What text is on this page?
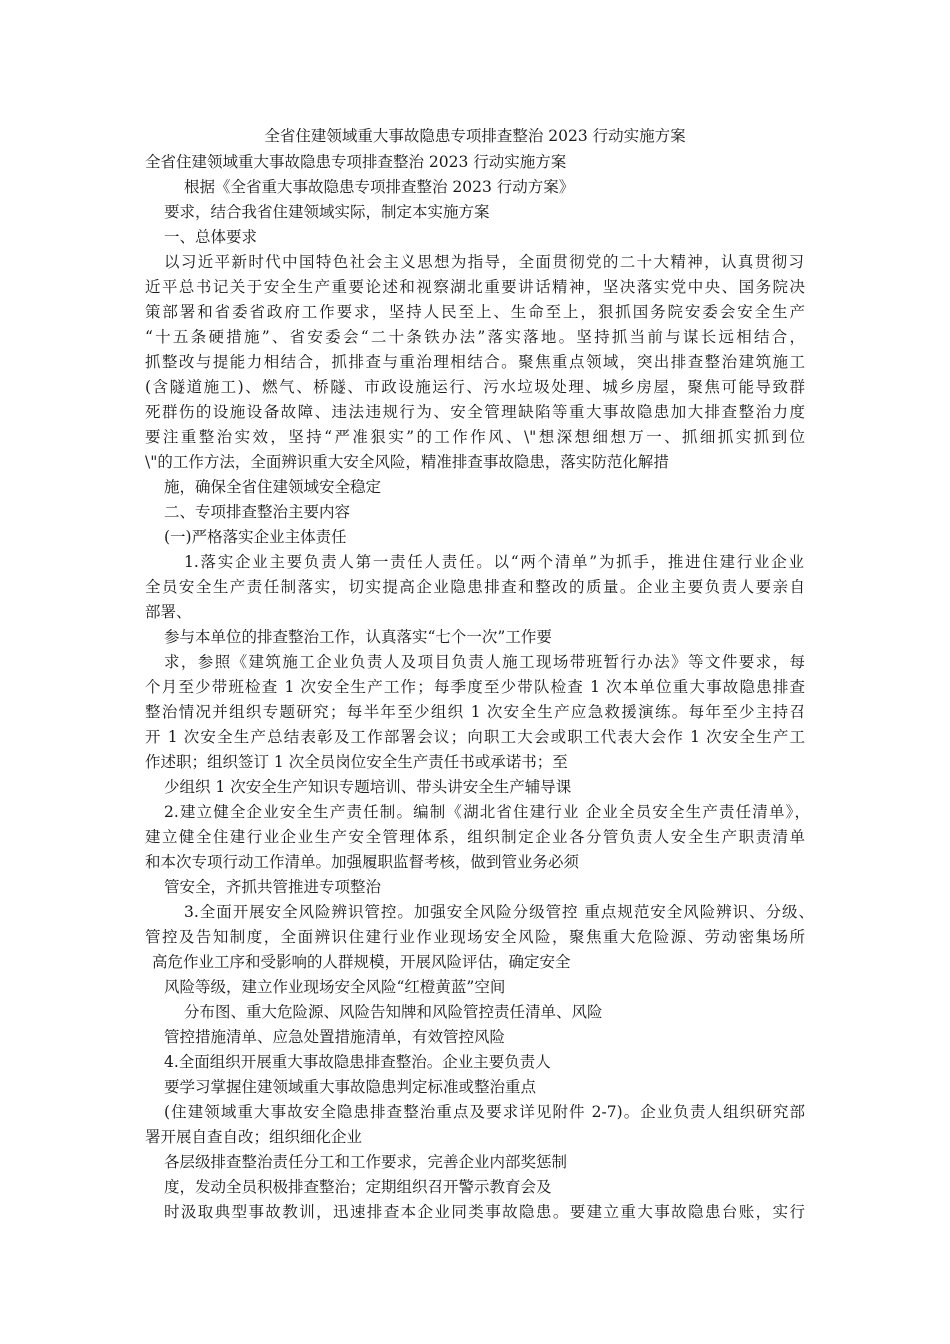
全省住建领域重大事故隐患专项排查整治 2023 行动实施方案
全省住建领域重大事故隐患专项排查整治 2023 行动实施方案
根据《全省重大事故隐患专项排查整治 2023 行动方案》
要求，结合我省住建领域实际，制定本实施方案
一、总体要求
以习近平新时代中国特色社会主义思想为指导，全面贯彻党的二十大精神，认真贯彻习
近平总书记关于安全生产重要论述和视察湖北重要讲话精神，坚决落实党中央、国务院决
策部署和省委省政府工作要求，坚持人民至上、生命至上，狠抓国务院安委会安全生产
“十五条硬措施”、省安委会“二十条铁办法”落实落地。坚持抓当前与谋长远相结合，
抓整改与提能力相结合，抓排查与重治理相结合。聚焦重点领域，突出排查整治建筑施工
(含隧道施工)、燃气、桥隧、市政设施运行、污水垃圾处理、城乡房屋，聚焦可能导致群
死群伤的设施设备故障、违法违规行为、安全管理缺陷等重大事故隐患加大排查整治力度
要注重整治实效，坚持“严准狠实”的工作作风、\"想深想细想万一、抓细抓实抓到位
\"的工作方法，全面辨识重大安全风险，精准排查事故隐患，落实防范化解措
施，确保全省住建领域安全稳定
二、专项排查整治主要内容
(一)严格落实企业主体责任
1.落实企业主要负责人第一责任人责任。以“两个清单”为抓手，推进住建行业企业
全员安全生产责任制落实，切实提高企业隐患排查和整改的质量。企业主要负责人要亲自
部署、
参与本单位的排查整治工作，认真落实“七个一次”工作要
求，参照《建筑施工企业负责人及项目负责人施工现场带班暂行办法》等文件要求，每
个月至少带班检查 1 次安全生产工作；每季度至少带队检查 1 次本单位重大事故隐患排查
整治情况并组织专题研究；每半年至少组织 1 次安全生产应急救援演练。每年至少主持召
开 1 次安全生产总结表彰及工作部署会议；向职工大会或职工代表大会作 1 次安全生产工
作述职；组织签订 1 次全员岗位安全生产责任书或承诺书；至
少组织 1 次安全生产知识专题培训、带头讲安全生产辅导课
2.建立健全企业安全生产责任制。编制《湖北省住建行业 企业全员安全生产责任清单》，
建立健全住建行业企业生产安全管理体系，组织制定企业各分管负责人安全生产职责清单
和本次专项行动工作清单。加强履职监督考核，做到管业务必须
管安全，齐抓共管推进专项整治
3.全面开展安全风险辨识管控。加强安全风险分级管控 重点规范安全风险辨识、分级、
管控及告知制度，全面辨识住建行业作业现场安全风险，聚焦重大危险源、劳动密集场所
高危作业工序和受影响的人群规模，开展风险评估，确定安全
风险等级，建立作业现场安全风险“红橙黄蓝”空间
分布图、重大危险源、风险告知牌和风险管控责任清单、风险
管控措施清单、应急处置措施清单，有效管控风险
4.全面组织开展重大事故隐患排查整治。企业主要负责人
要学习掌握住建领域重大事故隐患判定标准或整治重点
(住建领域重大事故安全隐患排查整治重点及要求详见附件 2-7)。企业负责人组织研究部
署开展自查自改；组织细化企业
各层级排查整治责任分工和工作要求，完善企业内部奖惩制
度，发动全员积极排查整治；定期组织召开警示教育会及
时汲取典型事故教训，迅速排查本企业同类事故隐患。要建立重大事故隐患台账，实行
